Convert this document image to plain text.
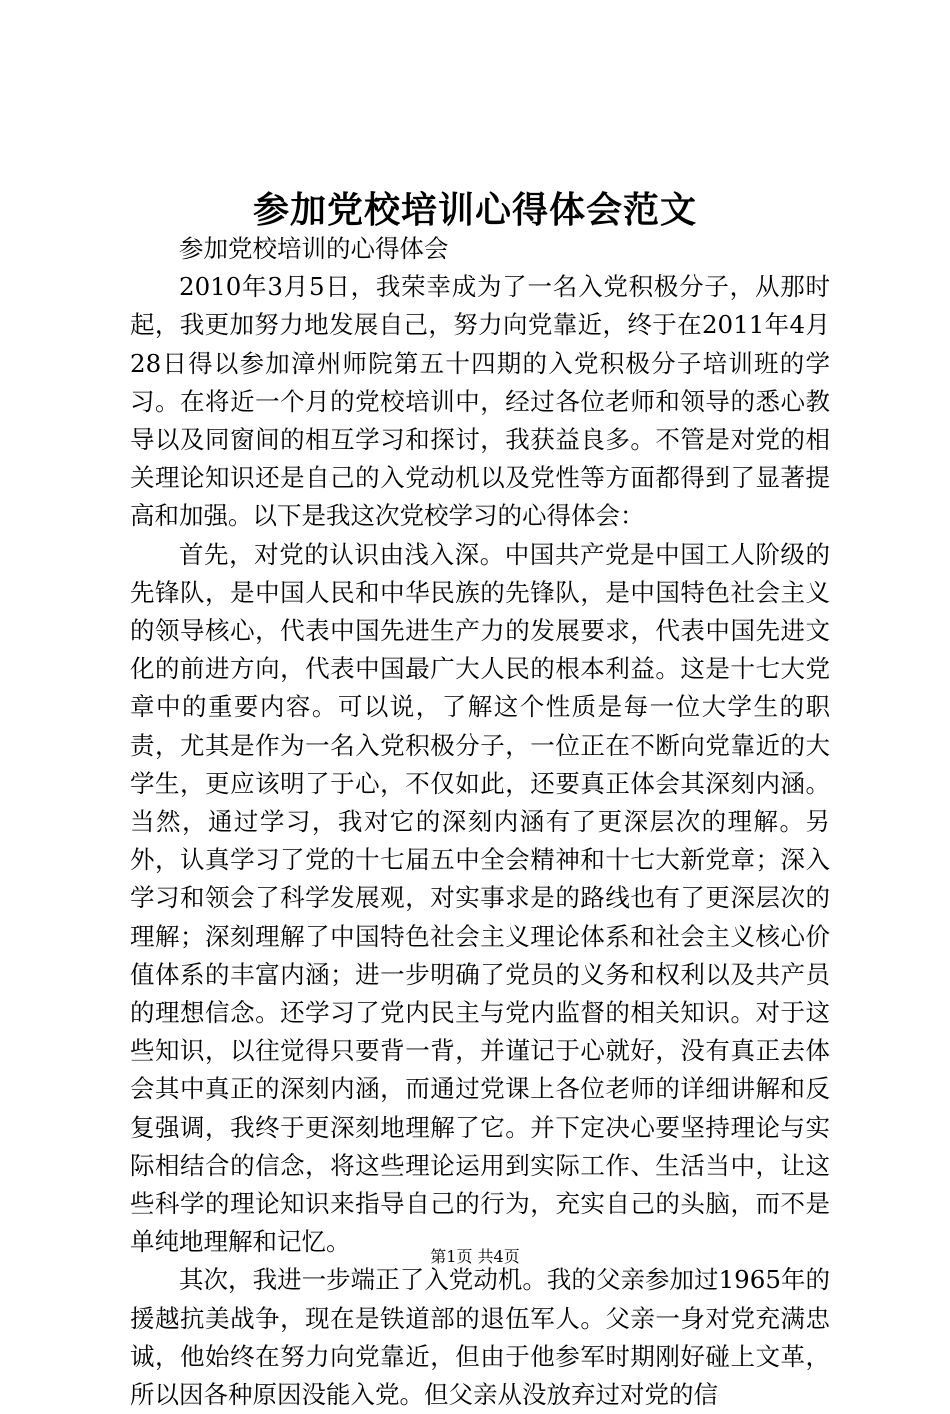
参加党校培训心得体会范文

参加党校培训的心得体会

2010年3月5日，我荣幸成为了一名入党积极分子，从那时起，我更加努力地发展自己，努力向党靠近，终于在2011年4月28日得以参加漳州师院第五十四期的入党积极分子培训班的学习。在将近一个月的党校培训中，经过各位老师和领导的悉心教导以及同窗间的相互学习和探讨，我获益良多。不管是对党的相关理论知识还是自己的入党动机以及党性等方面都得到了显著提高和加强。以下是我这次党校学习的心得体会：

首先，对党的认识由浅入深。中国共产党是中国工人阶级的先锋队，是中国人民和中华民族的先锋队，是中国特色社会主义的领导核心，代表中国先进生产力的发展要求，代表中国先进文化的前进方向，代表中国最广大人民的根本利益。这是十七大党章中的重要内容。可以说，了解这个性质是每一位大学生的职责，尤其是作为一名入党积极分子，一位正在不断向党靠近的大学生，更应该明了于心，不仅如此，还要真正体会其深刻内涵。当然，通过学习，我对它的深刻内涵有了更深层次的理解。另外，认真学习了党的十七届五中全会精神和十七大新党章；深入学习和领会了科学发展观，对实事求是的路线也有了更深层次的理解；深刻理解了中国特色社会主义理论体系和社会主义核心价值体系的丰富内涵；进一步明确了党员的义务和权利以及共产员的理想信念。还学习了党内民主与党内监督的相关知识。对于这些知识，以往觉得只要背一背，并谨记于心就好，没有真正去体会其中真正的深刻内涵，而通过党课上各位老师的详细讲解和反复强调，我终于更深刻地理解了它。并下定决心要坚持理论与实际相结合的信念，将这些理论运用到实际工作、生活当中，让这些科学的理论知识来指导自己的行为，充实自己的头脑，而不是单纯地理解和记忆。

其次，我进一步端正了入党动机。我的父亲参加过1965年的援越抗美战争，现在是铁道部的退伍军人。父亲一身对党充满忠诚，他始终在努力向党靠近，但由于他参军时期刚好碰上文革，所以因各种原因没能入党。但父亲从没放弃过对党的信

第1页 共4页
